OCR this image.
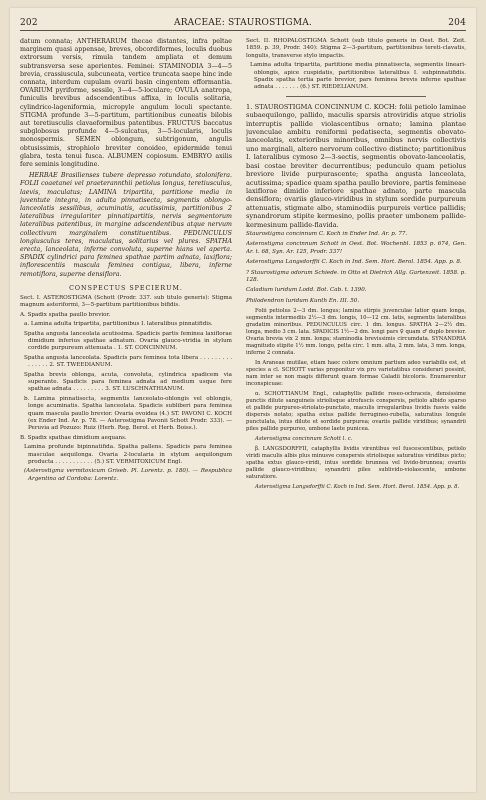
202	ARACEAE: STAUROSTIGMA.	204

datum connata; ANTHERARUM thecae distantes, infra peltae marginem quasi appensae, breves, obcordiformes, loculis duobus extrorsum versis, rimula tandem ampliata et demum subtransversa sese aperientes. Feminei: STAMINODIA 3—4—5 brevia, crassiuscula, subcuneata, vertice truncata saepe hinc inde connata, interdum cupulam ovarii basin cingentem efformantia. OVARIUM pyriforme, sessile, 3—4—5-loculare; OVULA anatropa, funiculis brevibus adscendentibus affixa, in loculis solitaria, cylindrico-lageniformia, micropyle angulum loculi spectante. STIGMA profunde 3—5-partitum, partitionibus cuneatis bilobis aut teretiusculis clavaeformibus patentibus. FRUCTUS baccatus subglobosus profunde 4—5-sulcatus, 3—5-locularis, loculis monospermis. SEMEN oblongum, subtrigonum, angulis obtusissimis, strophiolo breviter conoideo, epidermide tenui glabra, testa tenui fusca. ALBUMEN copiosum. EMBRYO axilis fere seminis longitudine.

HERBAE Brasilienses tubere depresso rotundato, stolonifera. FOLII coaetanei vel praeterannthii petiolus longus, teretiusculus, laevis, maculatus; LAMINA tripartita, partitione media in juventute integra, in adulta pinnatisecta, segmentis oblongo-lanceolatis sessilibus, acuminatis, acutissimis, partitionibus 2 lateralibus irregulariter pinnatipartitis, nervis segmentorum lateralibus patentibus, in margine adscendentibus atque nervum collectivum marginalem constituentibus. PEDUNCULUS longiusculus teres, maculatus, solitarius vel plures. SPATHA erecta, lanceolata, inferne convoluta, superne hians vel aperta. SPADIX cylindrici para feminea spathae partim adnata, laxiflora; inflorescentiis mascula feminea contigua, libera, inferne remotiflora, superne densiflora.

CONSPECTUS SPECIERUM.

Sect. I. ASTEROSTIGMA (Schott (Prodr. 337. sub titulo generis): Stigma magnum asteriformi, 3—5-partitum partitionibus bifidis.

A. Spadix spatha paullo brevior.

a. Lamina adulta tripartita, partitionibus I. lateralibus pinnatifidis.

Spatha angusta lanceolata acutissima. Spadicis partis feminea laxiflorae dimidium inferius spathae adnatum. Ovaria glauco-viridia in stylum cordide purpureum attenuata . 1. ST. CONCINNUM.

Spatha angusta lanceolata. Spadicis pars feminea tota libera . . . . . . . . . . . . . . . 2. ST. TWEEDIANUM.

Spatha brevis oblonga, acuta, convoluta, cylindrica spadicem via superante. Spadicis para feminea adnata ad medium usque fere spathae adnata . . . . . . . . . 3. ST. LUSCHNATHIANUM.

b. Lamina pinnatisecta, segmentis lanceolato-oblongis vel oblongis, longe acuminatis. Spatha lanceolata. Spadicis subliberi para feminea quam mascula paullo brevior. Ovaria ovoidea (4.) ST. PAVONI C. KOCH (ex Ender Ind. Ar. p. 78. — Asterostigma Pavonii Schott Prodr. 333). — Peruvia ad Pozuzo: Ruiz (Herb. Reg. Berol. et Herb. Boiss.).

B. Spadix spathae dimidium aequans.

Lamina profunde bipinnatifida. Spatha pallens. Spadicis para feminea masculae aequilonga. Ovaria 2-locularia in stylum aequilongum producta . . . . . . . . . . . (5.) ST. VERMITOXICUM Engl.

(Asterostigma vermitoxicum Griseb. Pl. Lorentz. p. 180). — Respublica Argentina ad Cordoba: Lorentz.

Sect. II. RHOPALOSTIGMA Schott (sub titulo generis in Oest. Bot. Zeit. 1859. p. 39, Prodr. 340): Stigma 2—3-partitum, partitionibus tereti-clavatis, longulis, transverse stylo impactis.

Lamina adulta tripartita, partitione media pinnatisecta, segmentis lineari-oblongis, apice cuspidatis, partitionibus lateralibus I. subpinnatifidis. Spadix spatha tertia parte brevior, pars feminea brevis inferne spathae adnata . . . . . . . (6.) ST. RIEDELIANUM.

1. STAUROSTIGMA CONCINNUM C. KOCH: folii petiolo laminae subaequilongo, pallido, maculis sparsis atroviridis atque striolis interruptis pallide violascentibus ornato; lamina plantae juvenculae ambitu reniformi pedatisecta, segmentis obovato-lanceolatis, exterioribus minoribus, omnibus nervis collectivis uno marginali, altero nervorum collectivo distincto; partitionibus I. lateralibus cymoso 2—3-sectis, segmentis obovato-lanceolatis, basi costae breviter decurrentibus; pedunculo quam petiolus breviore livide purpurascente; spatha angusta lanceolata, acutissima; spadice quam spatha paullo breviore, partis femineae laxiflorae dimidio inferiore spathae adnato, parte mascula densiflora; ovariis glauco-viridibus in stylum sordide purpureum attenuatis, stigmate albo, staminodiis purpureis vertice pallidis; synandrorum stipite kermesino, pollis praeter umbonem pallide-kermesinum pallide-flavida.

Staurostigma concinnum C. Koch in Ender Ind. Ar. p. 77.

Asterostigma concinnum Schott in Oest. Bot. Wochenbl. 1853 p. 674, Gen. Ar. t. 68, Syn. Ar. 125, Prodr. 337!

Asterostigma Langsdorffii C. Koch in Ind. Sem. Hort. Berol. 1854. App. p. 8.

? Staurostigma odorum Schiede. in Otto et Dietrich Allg. Gartenzeit. 1858. p. 128.

Caladium luridum Lodd. Bot. Cab. t. 1390.

Philodendron luridum Kunth En. III. 50.

Folii petiolus 2—3 dm. longus; lamina stirpis juvenculae latior quam longa, segmentis intermediis 2½—3 dm. longis, 10—12 cm. latis, segmentis lateralibus gradatim minoribus. PEDUNCULUS circ. 1 dm. longus. SPATHA 2—2½ dm. longa, medio 3 cm. lata. SPADICIS 1½—2 dm. longi pars ♀ quam ♂ duplo brevior. Ovaria brevia vix 2 mm. longa; staminodia brevissimis circumdata. SYNANDRIA magnitudo stipite 1½ mm. longo, pelta circ. 1 mm. alta, 2 mm. lata, 3 mm. longa, inferne 2 connata.

In Araneae mutilae, etiam haec colore omnium partium adeo variabilis est, et species a cl. SCHOTT varias proponitur vix pro varietatibus considerari possint, nam inter se non magis differunt quam formae Caladii bicoloris. Enumerentur inconspicuae:

α. SCHOTTIANUM Engl., cataphyllis pallide roseo-ochraceis, densissime punctis dilute sanguineis striolisque atrofuscis conspersis, petiolo albido sparso et pallide purpureo-striolato-punctato, maculis irregularibus lividis fusvis valde dispersis notato; spatha extus pallide ferrugineo-rubella, saturatius longule punctulata, intus dilute et sordide purpurea; ovariis pallide viridibus; synandrii piles pallide purpureo, umbone laete punicea.

Asterostigma concinnum Schott l. c.

β. LANGSDORFFII, cataphyllis lividis virentibus vel fuscescentibus, petiolo viridi maculis albis plus minusve conspersis striolisque saturatius viridibus picto; spatha extus glauco-viridi, intus sordide brunnea vel livido-brunnea; ovariis pallide glauco-viridibus; synandrii piles sublivido-violascente, umbone saturatiore.

Asterostigma Langsdorffii C. Koch in Ind. Sem. Hort. Berol. 1854. App. p. 8.
